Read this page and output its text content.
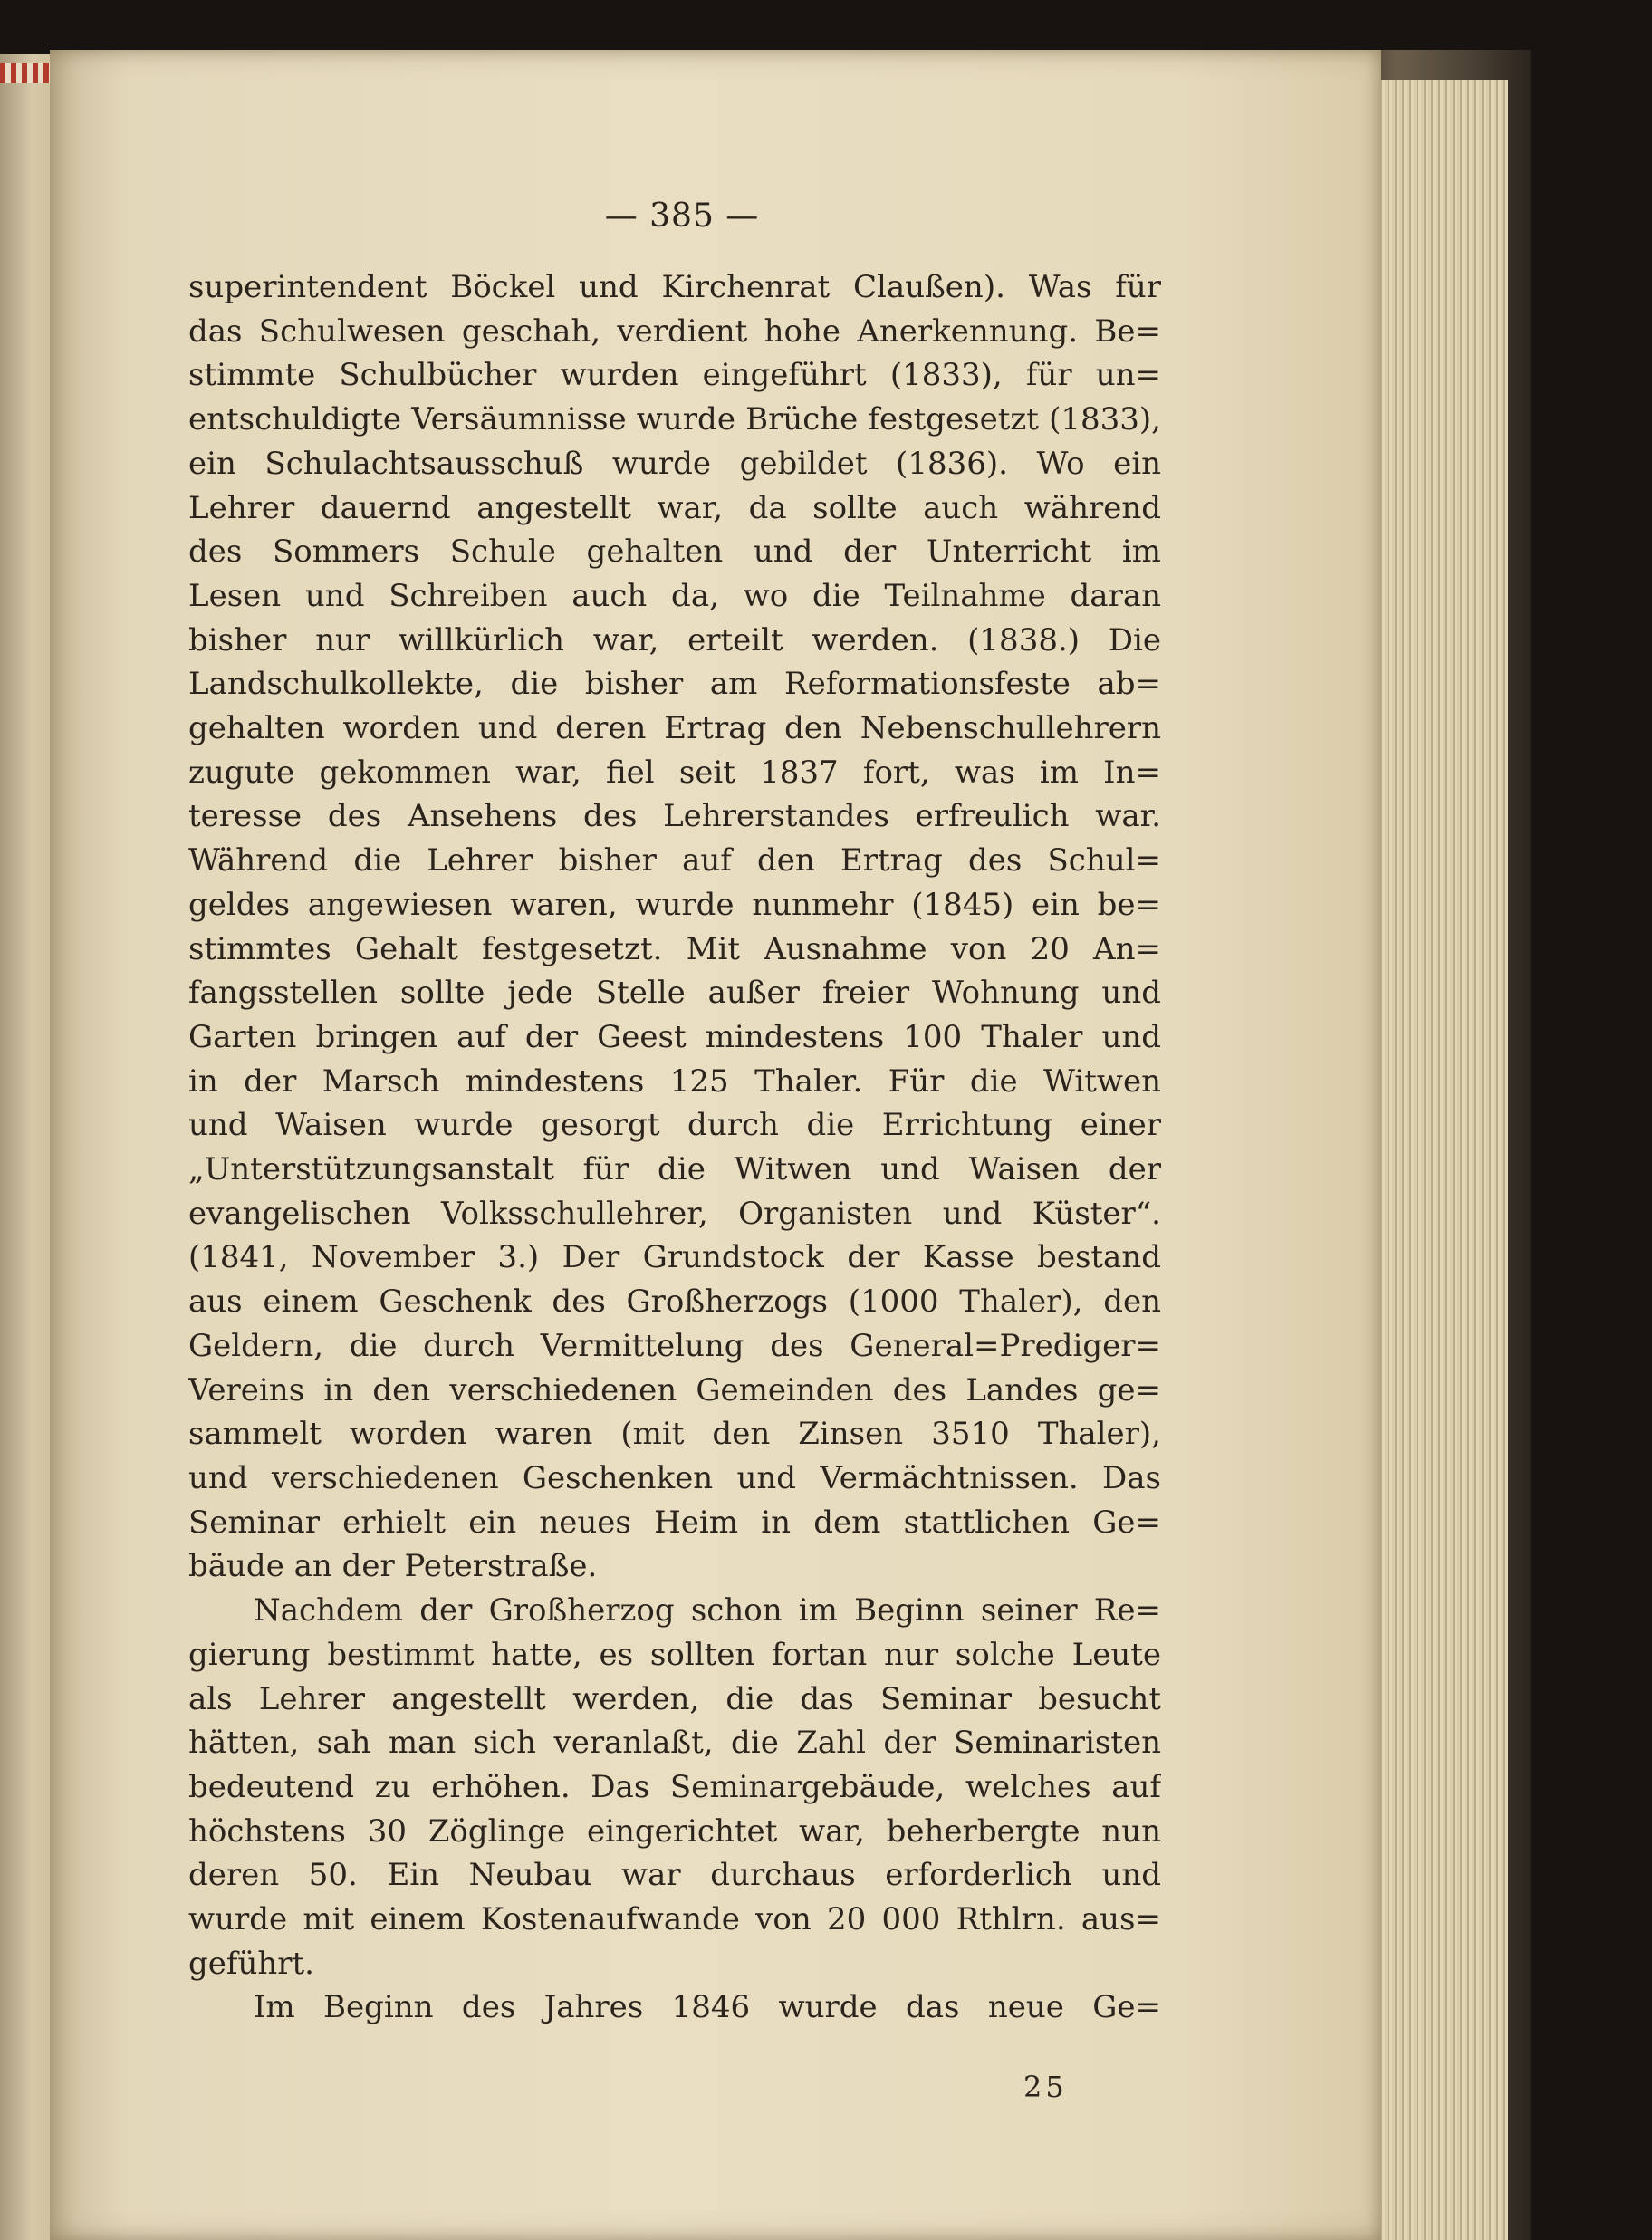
— 385 —
superintendent Böckel und Kirchenrat Claußen). Was für
das Schulwesen geschah, verdient hohe Anerkennung. Be=
stimmte Schulbücher wurden eingeführt (1833), für un=
entschuldigte Versäumnisse wurde Brüche festgesetzt (1833),
ein Schulachtsausschuß wurde gebildet (1836). Wo ein
Lehrer dauernd angestellt war, da sollte auch während
des Sommers Schule gehalten und der Unterricht im
Lesen und Schreiben auch da, wo die Teilnahme daran
bisher nur willkürlich war, erteilt werden. (1838.) Die
Landschulkollekte, die bisher am Reformationsfeste ab=
gehalten worden und deren Ertrag den Nebenschullehrern
zugute gekommen war, fiel seit 1837 fort, was im In=
teresse des Ansehens des Lehrerstandes erfreulich war.
Während die Lehrer bisher auf den Ertrag des Schul=
geldes angewiesen waren, wurde nunmehr (1845) ein be=
stimmtes Gehalt festgesetzt. Mit Ausnahme von 20 An=
fangsstellen sollte jede Stelle außer freier Wohnung und
Garten bringen auf der Geest mindestens 100 Thaler und
in der Marsch mindestens 125 Thaler. Für die Witwen
und Waisen wurde gesorgt durch die Errichtung einer
„Unterstützungsanstalt für die Witwen und Waisen der
evangelischen Volksschullehrer, Organisten und Küster“.
(1841, November 3.) Der Grundstock der Kasse bestand
aus einem Geschenk des Großherzogs (1000 Thaler), den
Geldern, die durch Vermittelung des General=Prediger=
Vereins in den verschiedenen Gemeinden des Landes ge=
sammelt worden waren (mit den Zinsen 3510 Thaler),
und verschiedenen Geschenken und Vermächtnissen. Das
Seminar erhielt ein neues Heim in dem stattlichen Ge=
bäude an der Peterstraße.
Nachdem der Großherzog schon im Beginn seiner Re=
gierung bestimmt hatte, es sollten fortan nur solche Leute
als Lehrer angestellt werden, die das Seminar besucht
hätten, sah man sich veranlaßt, die Zahl der Seminaristen
bedeutend zu erhöhen. Das Seminargebäude, welches auf
höchstens 30 Zöglinge eingerichtet war, beherbergte nun
deren 50. Ein Neubau war durchaus erforderlich und
wurde mit einem Kostenaufwande von 20 000 Rthlrn. aus=
geführt.
Im Beginn des Jahres 1846 wurde das neue Ge=
25
